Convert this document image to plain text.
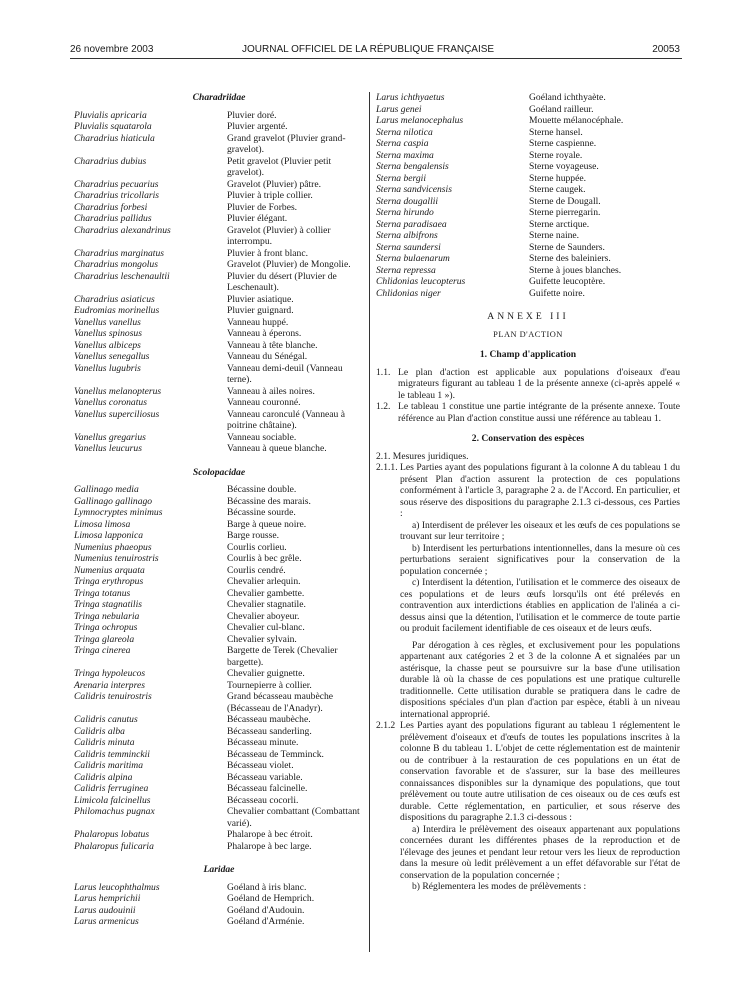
26 novembre 2003	JOURNAL OFFICIEL DE LA RÉPUBLIQUE FRANÇAISE	20053
Charadriidae
Pluvialis apricaria	Pluvier doré.
Pluvialis squatarola	Pluvier argenté.
Charadrius hiaticula	Grand gravelot (Pluvier grand-gravelot).
Charadrius dubius	Petit gravelot (Pluvier petit gravelot).
Charadrius pecuarius	Gravelot (Pluvier) pâtre.
Charadrius tricollaris	Pluvier à triple collier.
Charadrius forbesi	Pluvier de Forbes.
Charadrius pallidus	Pluvier élégant.
Charadrius alexandrinus	Gravelot (Pluvier) à collier interrompu.
Charadrius marginatus	Pluvier à front blanc.
Charadrius mongolus	Gravelot (Pluvier) de Mongolie.
Charadrius leschenaultii	Pluvier du désert (Pluvier de Leschenault).
Charadrius asiaticus	Pluvier asiatique.
Eudromias morinellus	Pluvier guignard.
Vanellus vanellus	Vanneau huppé.
Vanellus spinosus	Vanneau à éperons.
Vanellus albiceps	Vanneau à tête blanche.
Vanellus senegallus	Vanneau du Sénégal.
Vanellus lugubris	Vanneau demi-deuil (Vanneau terne).
Vanellus melanopterus	Vanneau à ailes noires.
Vanellus coronatus	Vanneau couronné.
Vanellus superciliosus	Vanneau caronculé (Vanneau à poitrine châtaine).
Vanellus gregarius	Vanneau sociable.
Vanellus leucurus	Vanneau à queue blanche.
Scolopacidae
Gallinago media	Bécassine double.
Gallinago gallinago	Bécassine des marais.
Lymnocryptes minimus	Bécassine sourde.
Limosa limosa	Barge à queue noire.
Limosa lapponica	Barge rousse.
Numenius phaeopus	Courlis corlieu.
Numenius tenuirostris	Courlis à bec grêle.
Numenius arquata	Courlis cendré.
Tringa erythropus	Chevalier arlequin.
Tringa totanus	Chevalier gambette.
Tringa stagnatilis	Chevalier stagnatile.
Tringa nebularia	Chevalier aboyeur.
Tringa ochropus	Chevalier cul-blanc.
Tringa glareola	Chevalier sylvain.
Tringa cinerea	Bargette de Terek (Chevalier bargette).
Tringa hypoleucos	Chevalier guignette.
Arenaria interpres	Tournepierre à collier.
Calidris tenuirostris	Grand bécasseau maubèche (Bécasseau de l'Anadyr).
Calidris canutus	Bécasseau maubèche.
Calidris alba	Bécasseau sanderling.
Calidris minuta	Bécasseau minute.
Calidris temminckii	Bécasseau de Temminck.
Calidris maritima	Bécasseau violet.
Calidris alpina	Bécasseau variable.
Calidris ferruginea	Bécasseau falcinelle.
Limicola falcinellus	Bécasseau cocorli.
Philomachus pugnax	Chevalier combattant (Combattant varié).
Phalaropus lobatus	Phalarope à bec étroit.
Phalaropus fulicaria	Phalarope à bec large.
Laridae
Larus leucophthalmus	Goéland à iris blanc.
Larus hemprichii	Goéland de Hemprich.
Larus audouinii	Goéland d'Audouin.
Larus armenicus	Goéland d'Arménie.
Larus ichthyaetus	Goéland ichthyaète.
Larus genei	Goéland railleur.
Larus melanocephalus	Mouette mélanocéphale.
Sterna nilotica	Sterne hansel.
Sterna caspia	Sterne caspienne.
Sterna maxima	Sterne royale.
Sterna bengalensis	Sterne voyageuse.
Sterna bergii	Sterne huppée.
Sterna sandvicensis	Sterne caugek.
Sterna dougallii	Sterne de Dougall.
Sterna hirundo	Sterne pierregarin.
Sterna paradisaea	Sterne arctique.
Sterna albifrons	Sterne naine.
Sterna saundersi	Sterne de Saunders.
Sterna bulaenarum	Sterne des baleiniers.
Sterna repressa	Sterne à joues blanches.
Chlidonias leucopterus	Guifette leucoptère.
Chlidonias niger	Guifette noire.
ANNEXE III
PLAN D'ACTION
1. Champ d'application
1.1. Le plan d'action est applicable aux populations d'oiseaux d'eau migrateurs figurant au tableau 1 de la présente annexe (ci-après appelé « le tableau 1 »).
1.2. Le tableau 1 constitue une partie intégrante de la présente annexe. Toute référence au Plan d'action constitue aussi une référence au tableau 1.
2. Conservation des espèces
2.1. Mesures juridiques.
2.1.1. Les Parties ayant des populations figurant à la colonne A du tableau 1 du présent Plan d'action assurent la protection de ces populations conformément à l'article 3, paragraphe 2 a. de l'Accord. En particulier, et sous réserve des dispositions du paragraphe 2.1.3 ci-dessous, ces Parties :
a) Interdisent de prélever les oiseaux et les œufs de ces populations se trouvant sur leur territoire ;
b) Interdisent les perturbations intentionnelles, dans la mesure où ces perturbations seraient significatives pour la conservation de la population concernée ;
c) Interdisent la détention, l'utilisation et le commerce des oiseaux de ces populations et de leurs œufs lorsqu'ils ont été prélevés en contravention aux interdictions établies en application de l'alinéa a ci-dessus ainsi que la détention, l'utilisation et le commerce de toute partie ou produit facilement identifiable de ces oiseaux et de leurs œufs.
Par dérogation à ces règles, et exclusivement pour les populations appartenant aux catégories 2 et 3 de la colonne A et signalées par un astérisque, la chasse peut se poursuivre sur la base d'une utilisation durable là où la chasse de ces populations est une pratique culturelle traditionnelle. Cette utilisation durable se pratiquera dans le cadre de dispositions spéciales d'un plan d'action par espèce, établi à un niveau international approprié.
2.1.2 Les Parties ayant des populations figurant au tableau 1 réglementent le prélèvement d'oiseaux et d'œufs de toutes les populations inscrites à la colonne B du tableau 1. L'objet de cette réglementation est de maintenir ou de contribuer à la restauration de ces populations en un état de conservation favorable et de s'assurer, sur la base des meilleures connaissances disponibles sur la dynamique des populations, que tout prélèvement ou toute autre utilisation de ces oiseaux ou de ces œufs est durable. Cette réglementation, en particulier, et sous réserve des dispositions du paragraphe 2.1.3 ci-dessous :
a) Interdira le prélèvement des oiseaux appartenant aux populations concernées durant les différentes phases de la reproduction et de l'élevage des jeunes et pendant leur retour vers les lieux de reproduction dans la mesure où ledit prélèvement a un effet défavorable sur l'état de conservation de la population concernée ;
b) Réglementera les modes de prélèvements :
